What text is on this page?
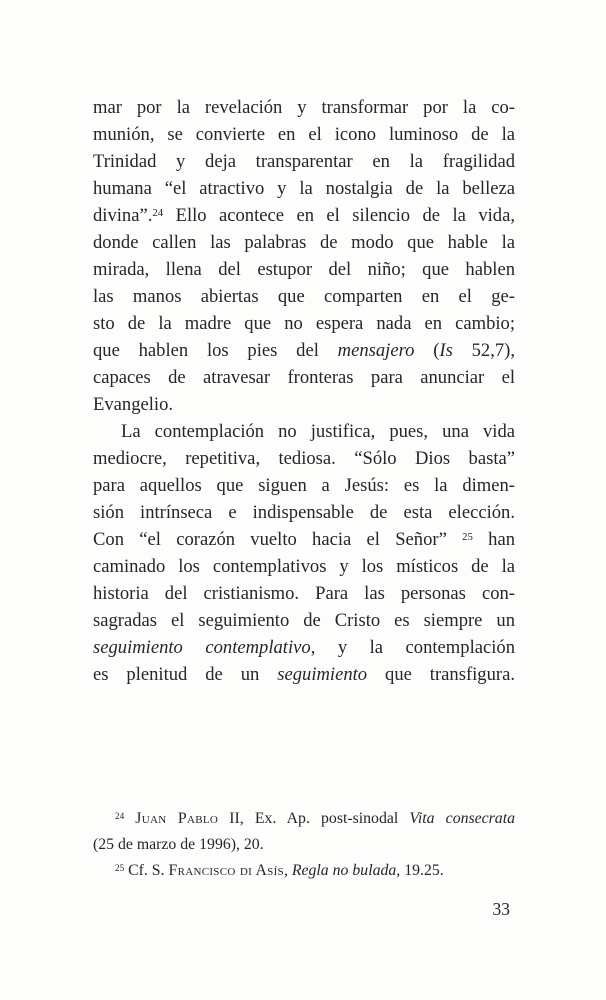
mar por la revelación y transformar por la co-
munión, se convierte en el icono luminoso de la
Trinidad y deja transparentar en la fragilidad
humana “el atractivo y la nostalgia de la belleza
divina”.$^{24}$ Ello acontece en el silencio de la vida,
donde callen las palabras de modo que hable la
mirada, llena del estupor del niño; que hablen
las manos abiertas que comparten en el ge-
sto de la madre que no espera nada en cambio;
que hablen los pies del mensajero (Is 52,7),
capaces de atravesar fronteras para anunciar el
Evangelio.
La contemplación no justifica, pues, una vida
mediocre, repetitiva, tediosa. “Sólo Dios basta”
para aquellos que siguen a Jesús: es la dimen-
sión intrínseca e indispensable de esta elección.
Con “el corazón vuelto hacia el Señor” $^{25}$ han
caminado los contemplativos y los místicos de la
historia del cristianismo. Para las personas con-
sagradas el seguimiento de Cristo es siempre un
seguimiento contemplativo, y la contemplación
es plenitud de un seguimiento que transfigura.
$^{24}$ Juan Pablo II, Ex. Ap. post-sinodal Vita consecrata
(25 de marzo de 1996), 20.
$^{25}$ Cf. S. Francisco di Asís, Regla no bulada, 19.25.
33
